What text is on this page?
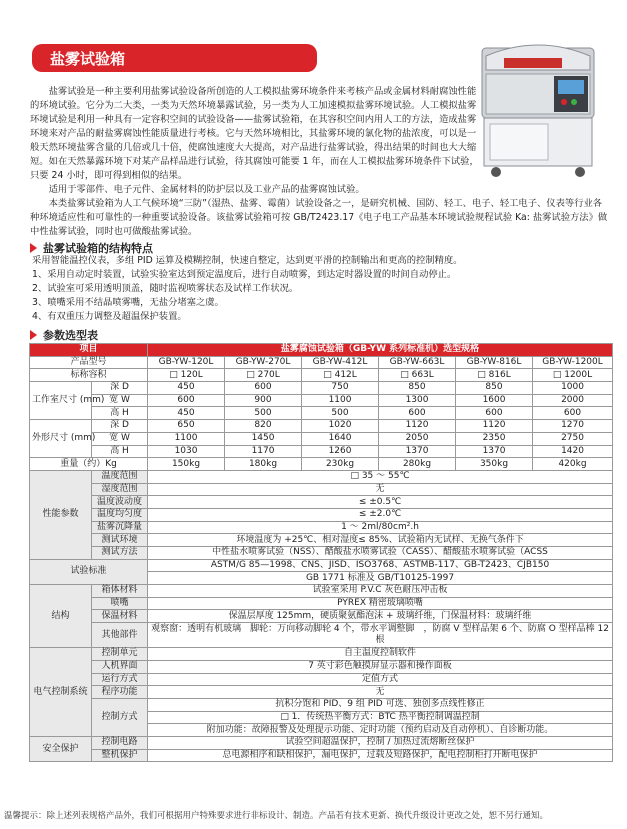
盐雾试验箱

盐雾试验是一种主要利用盐雾试验设备所创造的人工模拟盐雾环境条件来考核产品或金属材料耐腐蚀性能的环境试验。它分为二大类，一类为天然环境暴露试验，另一类为人工加速模拟盐雾环境试验。人工模拟盐雾环境试验是利用一种具有一定容积空间的试验设备——盐雾试验箱，在其容积空间内用人工的方法，造成盐雾环境来对产品的耐盐雾腐蚀性能质量进行考核。它与天然环境相比，其盐雾环境的氯化物的盐浓度，可以是一般天然环境盐雾含量的几倍或几十倍，使腐蚀速度大大提高，对产品进行盐雾试验，得出结果的时间也大大缩短。如在天然暴露环境下对某产品样品进行试验，待其腐蚀可能要 1 年，而在人工模拟盐雾环境条件下试验，只要 24 小时，即可得到相似的结果。

适用于零部件、电子元件、金属材料的防护层以及工业产品的盐雾腐蚀试验。

本类盐雾试验箱为人工气候环境“三防”（湿热、盐雾、霉菌）试验设备之一，是研究机械、国防、轻工、电子、轻工电子、仪表等行业各种环境适应性和可靠性的一种重要试验设备。该盐雾试验箱可按 GB/T2423.17《电子电工产品基本环境试验规程试验 Ka: 盐雾试验方法》做中性盐雾试验，同时也可做酸盐雾试验。

盐雾试验箱的结构特点

采用智能温控仪表，多组 PID 运算及模糊控制，快速自整定，达到更平滑的控制输出和更高的控制精度。

1、采用自动定时装置，试验实验室达到预定温度后，进行自动喷雾，到达定时器设置的时间自动停止。

2、试验室可采用透明顶盖，随时监视喷雾状态及试样工作状况。

3、喷嘴采用不结晶喷雾嘴，无盐分堵塞之虞。

4、有双重压力调整及超温保护装置。

参数选型表
项目		盐雾腐蚀试验箱（GB-YW 系列标准机）选型规格					
产品型号		GB-YW-120L	GB-YW-270L	GB-YW-412L	GB-YW-663L	GB-YW-816L	GB-YW-1200L
标称容积		□ 120L	□ 270L	□ 412L	□ 663L	□ 816L	□ 1200L
工作室尺寸 (mm)	深 D	450	600	750	850	850	1000
	宽 W	600	900	1100	1300	1600	2000
	高 H	450	500	500	600	600	600
外形尺寸 (mm)	深 D	650	820	1020	1120	1120	1270
	宽 W	1100	1450	1640	2050	2350	2750
	高 H	1030	1170	1260	1370	1370	1420
重量（约）Kg		150kg	180kg	230kg	280kg	350kg	420kg
性能参数	温度范围	□ 35 ～ 55℃					
	湿度范围	无					
	温度波动度	≤ ±0.5℃					
	温度均匀度	≤ ±2.0℃					
	盐雾沉降量	1 ～ 2ml/80cm².h					
	测试环境	环境温度为 +25℃、相对湿度≤ 85%、试验箱内无试样、无换气条件下					
	测试方法	中性盐水喷雾试验（NSS）、醋酸盐水喷雾试验（CASS）、醋酸盐水喷雾试验（ACSS					
试验标准		ASTM/G 85—1998、CNS、JISD、ISO3768、ASTMB-117、GB-T2423、CJB150					
		GB 1771 标准及 GB/T10125-1997					
结构	箱体材料	试验室采用 P.V.C 灰色耐压冲击板					
	喷嘴	PYREX 精密玻璃喷嘴					
	保温材料	保温层厚度 125mm，硬质聚氨酯泡沫 + 玻璃纤维，门保温材料：玻璃纤维					
	其他部件	观察窗：透明有机玻璃　脚轮：万向移动脚轮 4 个，带水平调整脚　，防腐 V 型样品架 6 个、防腐 O 型样品棒 12 根					
电气控制系统	控制单元	自主温度控制软件					
	人机界面	7 英寸彩色触摸屏显示器和操作面板					
	运行方式	定值方式					
	程序功能	无					
	控制方式	抗积分饱和 PID、9 组 PID 可选、独创多点线性修正					
		□ 1．传统热平衡方式：BTC 热平衡控制调温控制					
		附加功能：故障报警及处理提示功能、定时功能（预约启动及自动停机）、自诊断功能。					
安全保护	控制电路	试验空间超温保护，控制 / 加热过流熔断丝保护					
	整机保护	总电源相序和缺相保护，漏电保护，过载及短路保护，配电控制柜打开断电保护					
温馨提示：除上述列表规格产品外，我们可根据用户特殊要求进行非标设计、制造。产品若有技术更新、换代升级设计更改之处，恕不另行通知。
